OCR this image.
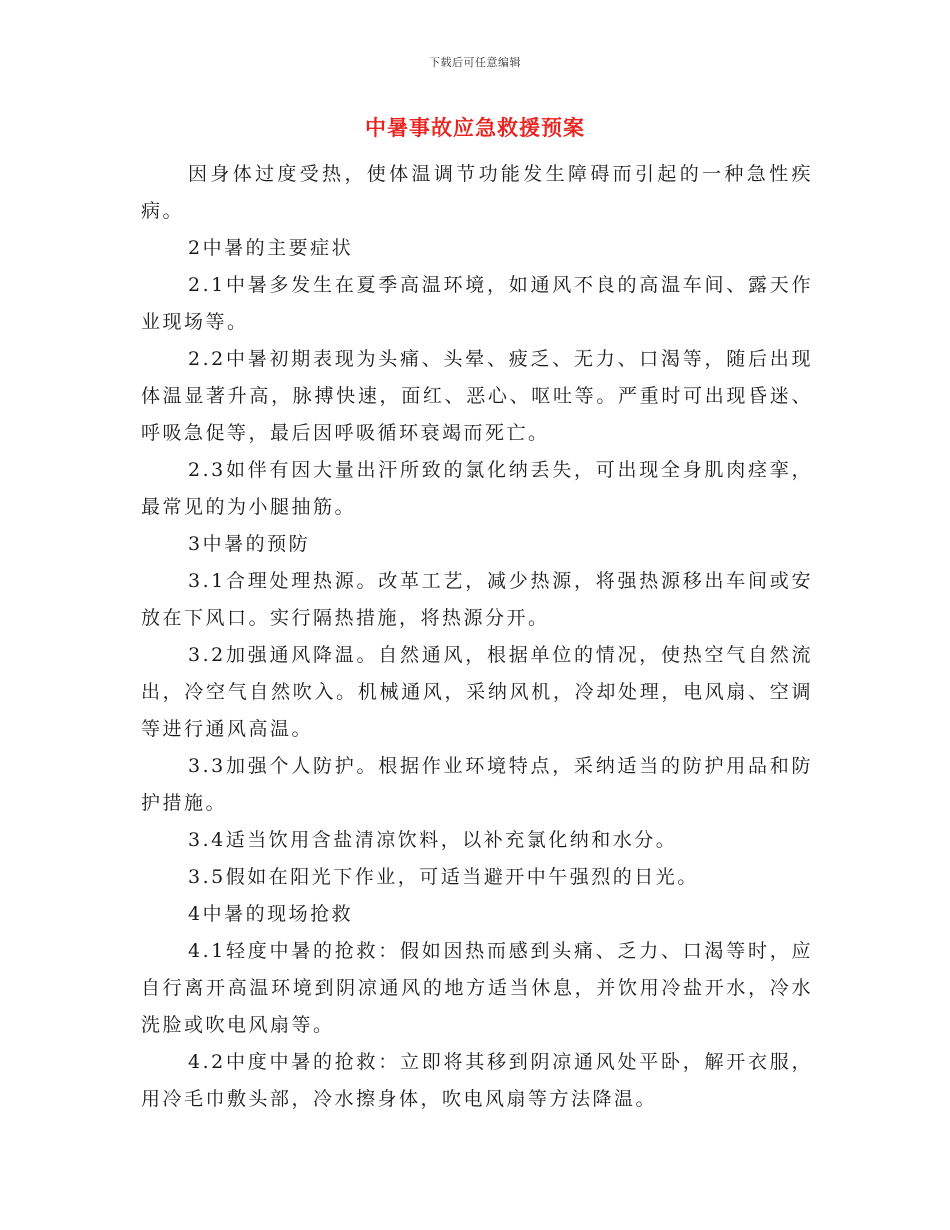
下载后可任意编辑
中暑事故应急救援预案

因身体过度受热，使体温调节功能发生障碍而引起的一种急性疾病。

2中暑的主要症状

2.1中暑多发生在夏季高温环境，如通风不良的高温车间、露天作业现场等。

2.2中暑初期表现为头痛、头晕、疲乏、无力、口渴等，随后出现体温显著升高，脉搏快速，面红、恶心、呕吐等。严重时可出现昏迷、呼吸急促等，最后因呼吸循环衰竭而死亡。

2.3如伴有因大量出汗所致的氯化纳丢失，可出现全身肌肉痉挛，最常见的为小腿抽筋。

3中暑的预防

3.1合理处理热源。改革工艺，减少热源，将强热源移出车间或安放在下风口。实行隔热措施，将热源分开。

3.2加强通风降温。自然通风，根据单位的情况，使热空气自然流出，冷空气自然吹入。机械通风，采纳风机，冷却处理，电风扇、空调等进行通风高温。

3.3加强个人防护。根据作业环境特点，采纳适当的防护用品和防护措施。

3.4适当饮用含盐清凉饮料，以补充氯化纳和水分。

3.5假如在阳光下作业，可适当避开中午强烈的日光。

4中暑的现场抢救

4.1轻度中暑的抢救：假如因热而感到头痛、乏力、口渴等时，应自行离开高温环境到阴凉通风的地方适当休息，并饮用冷盐开水，冷水洗脸或吹电风扇等。

4.2中度中暑的抢救：立即将其移到阴凉通风处平卧，解开衣服，用冷毛巾敷头部，冷水擦身体，吹电风扇等方法降温。
